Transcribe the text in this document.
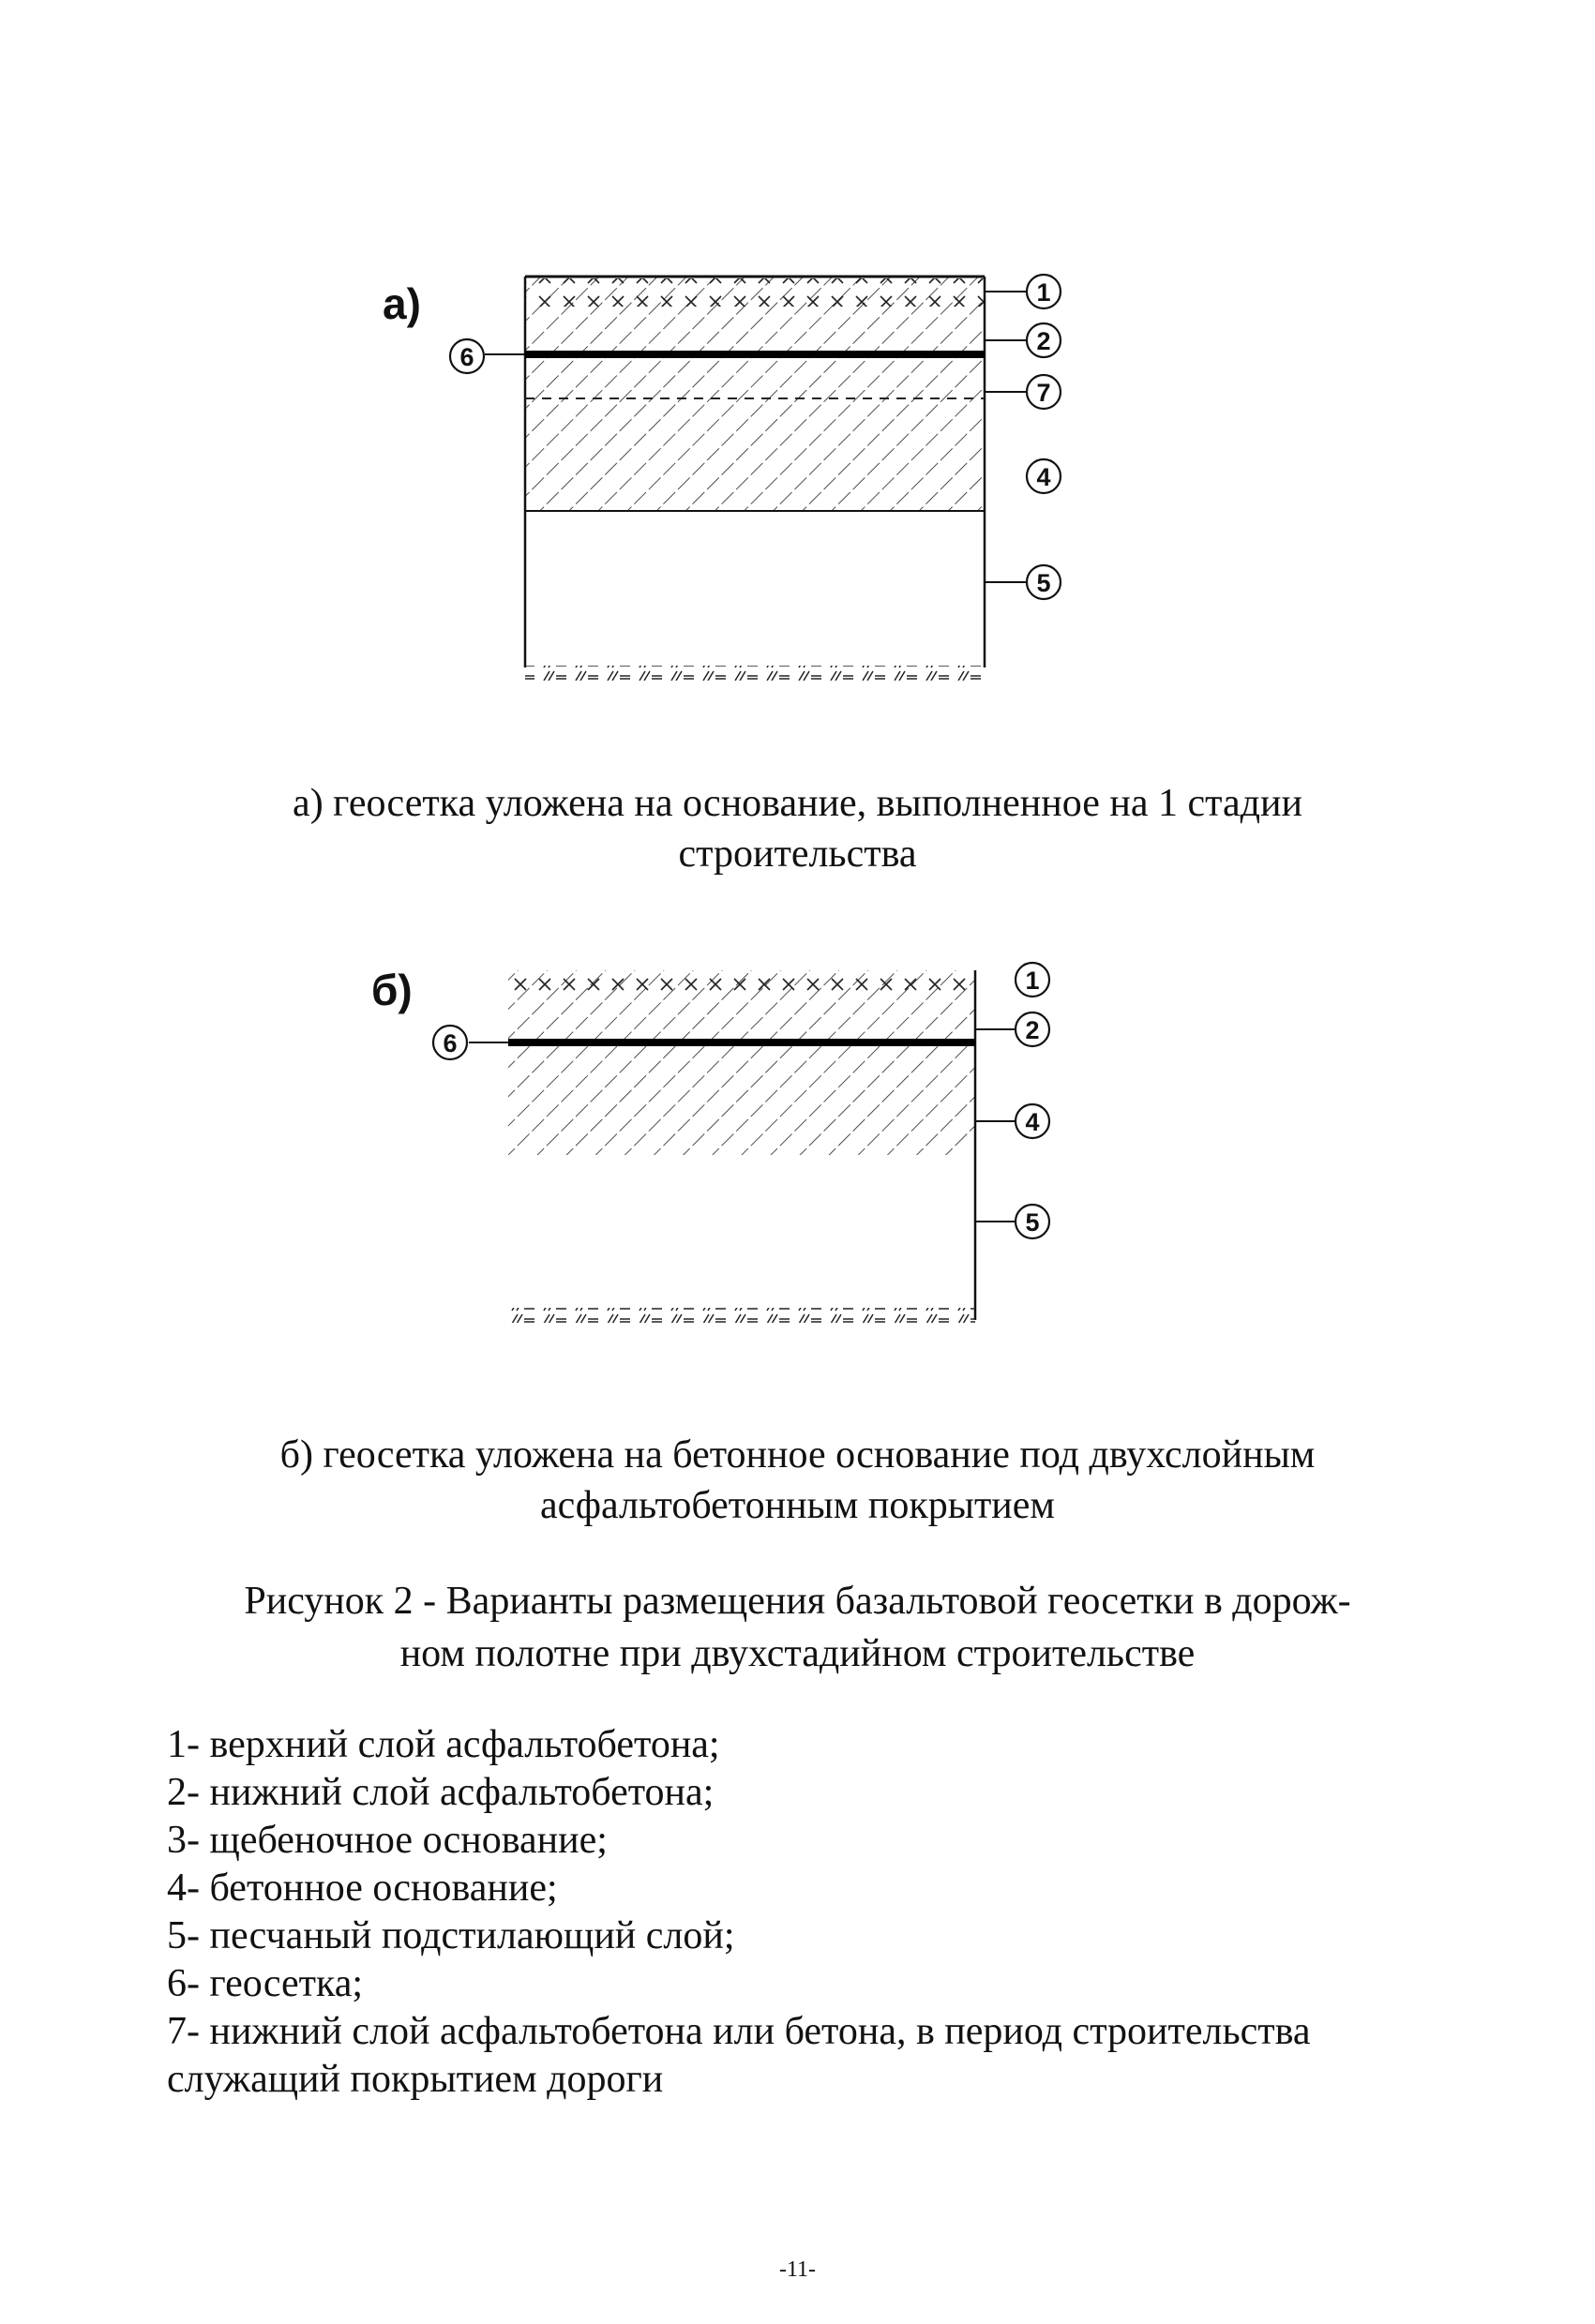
а)	1
2
7
4
5
6
б)	1
2
4
5
6
а) геосетка уложена на основание, выполненное на 1 стадии
строительства
б) геосетка уложена на бетонное основание под двухслойным
асфальтобетонным покрытием
Рисунок 2 - Варианты размещения базальтовой геосетки в дорож-
ном полотне при двухстадийном строительстве
1- верхний слой асфальтобетона;
2- нижний слой асфальтобетона;
3- щебеночное основание;
4- бетонное основание;
5- песчаный подстилающий слой;
6- геосетка;
7- нижний слой асфальтобетона или бетона, в период строительства служащий покрытием дороги
-11-
